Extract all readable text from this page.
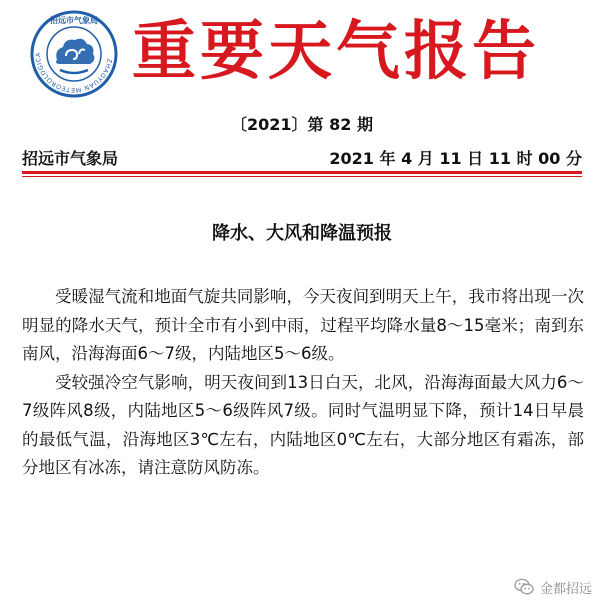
ZHAOYUAN METEOROLOGICA
招远市气象局 重要天气报告
〔2021〕第 82 期
招远市气象局	2021 年 4 月 11 日 11 时 00 分
降水、大风和降温预报

受暖湿气流和地面气旋共同影响，今天夜间到明天上午，我市将出现一次明显的降水天气，预计全市有小到中雨，过程平均降水量8～15毫米；南到东南风，沿海海面6～7级，内陆地区5～6级。

受较强冷空气影响，明天夜间到13日白天，北风，沿海海面最大风力6～7级阵风8级，内陆地区5～6级阵风7级。同时气温明显下降，预计14日早晨的最低气温，沿海地区3℃左右，内陆地区0℃左右，大部分地区有霜冻，部分地区有冰冻，请注意防风防冻。

金都招远
